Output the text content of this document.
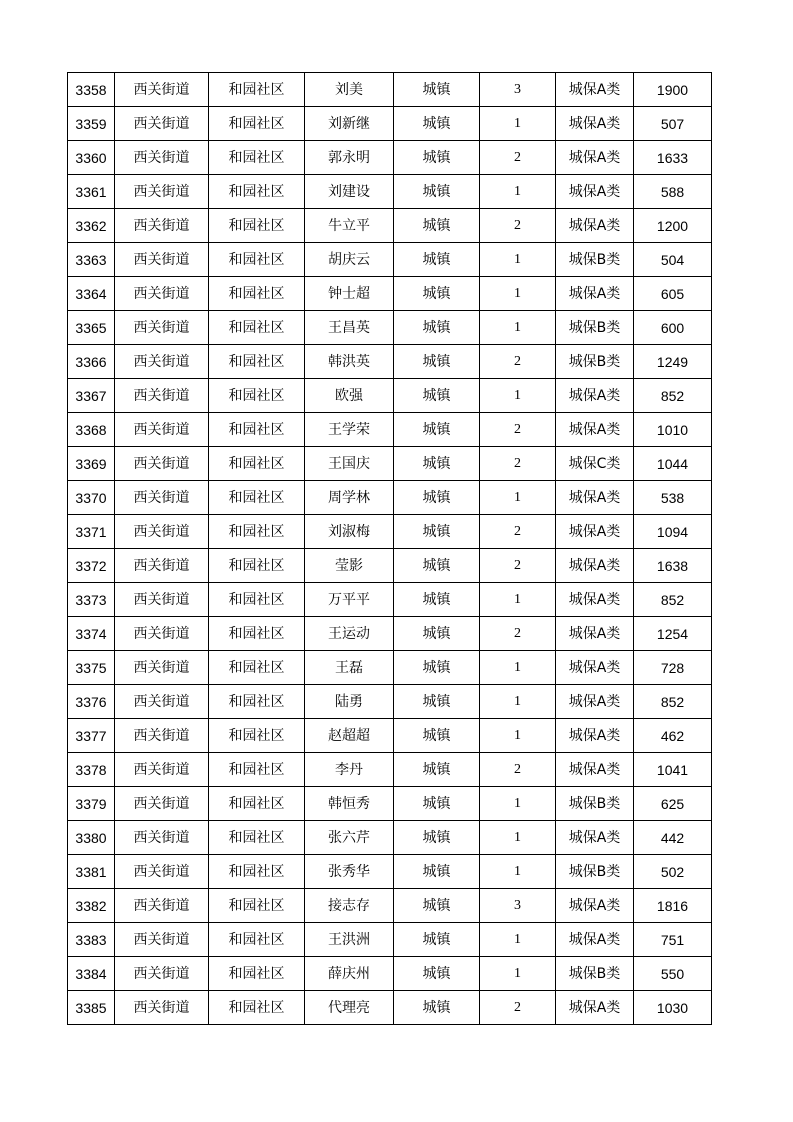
3358	西关街道	和园社区	刘美	城镇	3	城保A类	1900
3359	西关街道	和园社区	刘新继	城镇	1	城保A类	507
3360	西关街道	和园社区	郭永明	城镇	2	城保A类	1633
3361	西关街道	和园社区	刘建设	城镇	1	城保A类	588
3362	西关街道	和园社区	牛立平	城镇	2	城保A类	1200
3363	西关街道	和园社区	胡庆云	城镇	1	城保B类	504
3364	西关街道	和园社区	钟士超	城镇	1	城保A类	605
3365	西关街道	和园社区	王昌英	城镇	1	城保B类	600
3366	西关街道	和园社区	韩洪英	城镇	2	城保B类	1249
3367	西关街道	和园社区	欧强	城镇	1	城保A类	852
3368	西关街道	和园社区	王学荣	城镇	2	城保A类	1010
3369	西关街道	和园社区	王国庆	城镇	2	城保C类	1044
3370	西关街道	和园社区	周学林	城镇	1	城保A类	538
3371	西关街道	和园社区	刘淑梅	城镇	2	城保A类	1094
3372	西关街道	和园社区	莹影	城镇	2	城保A类	1638
3373	西关街道	和园社区	万平平	城镇	1	城保A类	852
3374	西关街道	和园社区	王运动	城镇	2	城保A类	1254
3375	西关街道	和园社区	王磊	城镇	1	城保A类	728
3376	西关街道	和园社区	陆勇	城镇	1	城保A类	852
3377	西关街道	和园社区	赵超超	城镇	1	城保A类	462
3378	西关街道	和园社区	李丹	城镇	2	城保A类	1041
3379	西关街道	和园社区	韩恒秀	城镇	1	城保B类	625
3380	西关街道	和园社区	张六芹	城镇	1	城保A类	442
3381	西关街道	和园社区	张秀华	城镇	1	城保B类	502
3382	西关街道	和园社区	接志存	城镇	3	城保A类	1816
3383	西关街道	和园社区	王洪洲	城镇	1	城保A类	751
3384	西关街道	和园社区	薛庆州	城镇	1	城保B类	550
3385	西关街道	和园社区	代理亮	城镇	2	城保A类	1030
